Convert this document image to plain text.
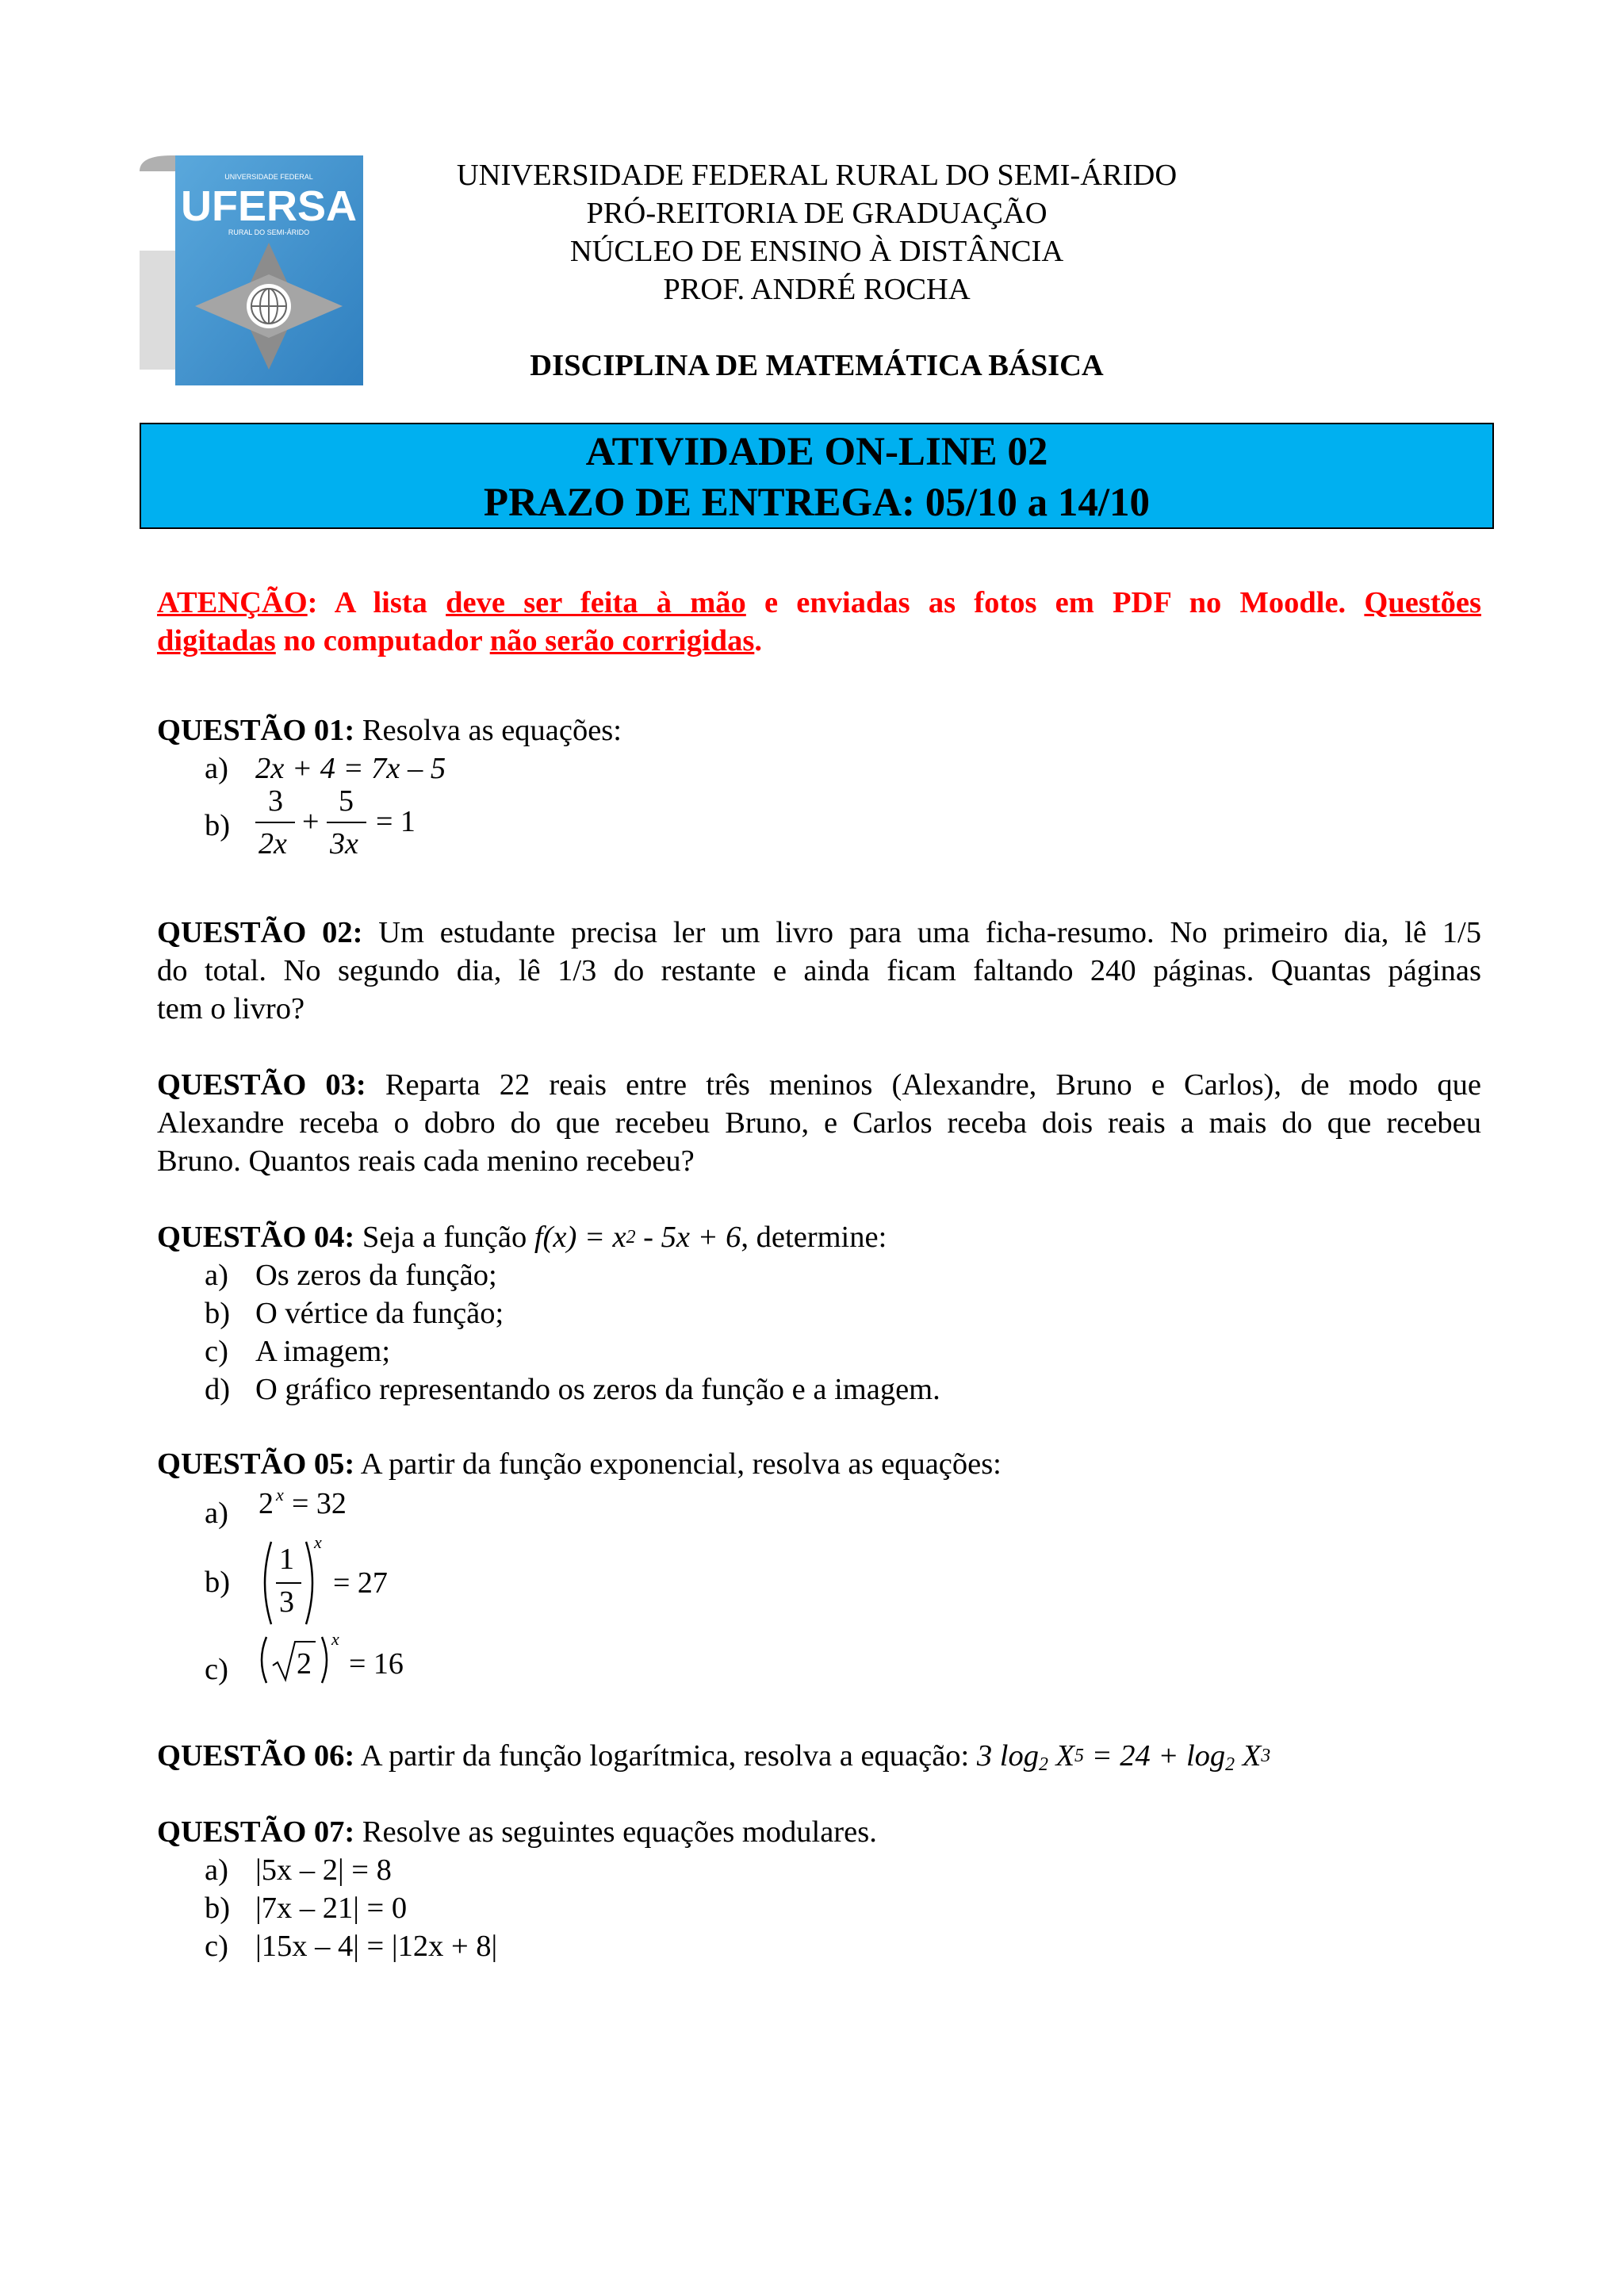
UNIVERSIDADE FEDERAL
UFERSA
RURAL DO SEMI-ÁRIDO
UNIVERSIDADE FEDERAL RURAL DO SEMI-ÁRIDO
PRÓ-REITORIA DE GRADUAÇÃO
NÚCLEO DE ENSINO À DISTÂNCIA
PROF. ANDRÉ ROCHA
DISCIPLINA DE MATEMÁTICA BÁSICA
ATIVIDADE ON-LINE 02
PRAZO DE ENTREGA: 05/10 a 14/10
ATENÇÃO: A lista deve ser feita à mão e enviadas as fotos em PDF no Moodle. Questões
digitadas no computador não serão corrigidas.
QUESTÃO 01: Resolva as equações:
a) 2x + 4 = 7x – 5
b)
3
2x
+
5
3x
= 1
QUESTÃO 02: Um estudante precisa ler um livro para uma ficha-resumo. No primeiro dia, lê 1/5
do total. No segundo dia, lê 1/3 do restante e ainda ficam faltando 240 páginas. Quantas páginas
tem o livro?
QUESTÃO 03: Reparta 22 reais entre três meninos (Alexandre, Bruno e Carlos), de modo que
Alexandre receba o dobro do que recebeu Bruno, e Carlos receba dois reais a mais do que recebeu
Bruno. Quantos reais cada menino recebeu?
QUESTÃO 04: Seja a função $f(x) = x^2 - 5x + 6$, determine:
a) Os zeros da função;
b) O vértice da função;
c) A imagem;
d) O gráfico representando os zeros da função e a imagem.
QUESTÃO 05: A partir da função exponencial, resolva as equações:
a) 2 x = 32
b)
1
3
x
= 27
c) 2
x
= 16
QUESTÃO 06: A partir da função logarítmica, resolva a equação: 3 $\log_2 X^5 = 24 + \log_2 X^3$
QUESTÃO 07: Resolve as seguintes equações modulares.
a) |5x – 2| = 8
b) |7x – 21| = 0
c) |15x – 4| = |12x + 8|
